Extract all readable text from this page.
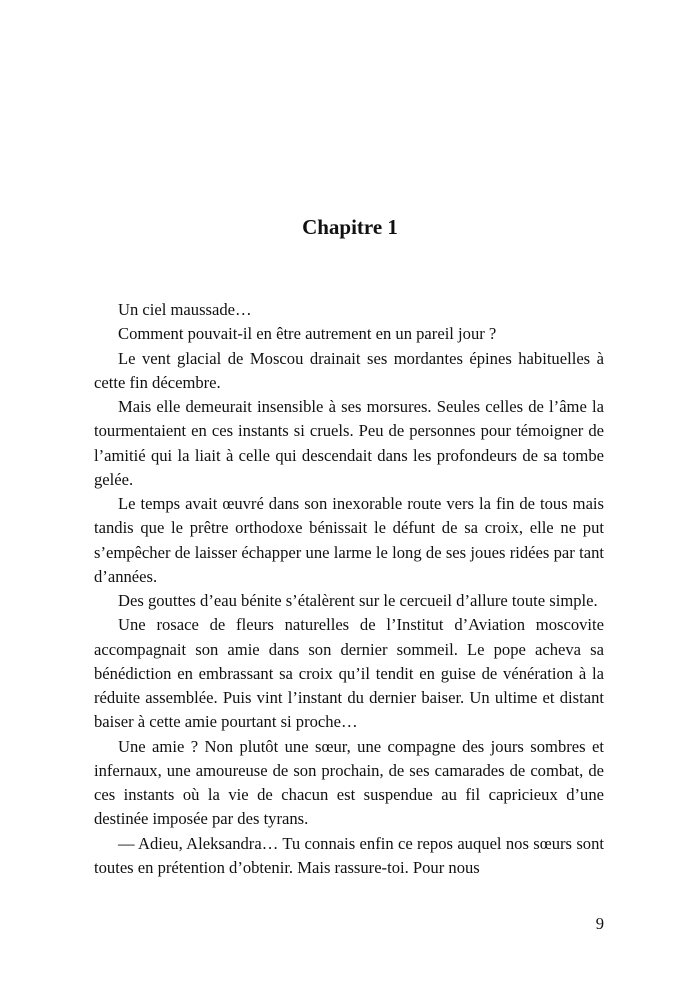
Chapitre 1

Un ciel maussade…

Comment pouvait-il en être autrement en un pareil jour ?

Le vent glacial de Moscou drainait ses mordantes épines habituelles à cette fin décembre.

Mais elle demeurait insensible à ses morsures. Seules celles de l’âme la tourmentaient en ces instants si cruels. Peu de personnes pour témoigner de l’amitié qui la liait à celle qui descendait dans les profondeurs de sa tombe gelée.

Le temps avait œuvré dans son inexorable route vers la fin de tous mais tandis que le prêtre orthodoxe bénissait le défunt de sa croix, elle ne put s’empêcher de laisser échapper une larme le long de ses joues ridées par tant d’années.

Des gouttes d’eau bénite s’étalèrent sur le cercueil d’allure toute simple.

Une rosace de fleurs naturelles de l’Institut d’Aviation moscovite accompagnait son amie dans son dernier sommeil. Le pope acheva sa bénédiction en embrassant sa croix qu’il tendit en guise de vénération à la réduite assemblée. Puis vint l’instant du dernier baiser. Un ultime et distant baiser à cette amie pourtant si proche…

Une amie ? Non plutôt une sœur, une compagne des jours sombres et infernaux, une amoureuse de son prochain, de ses camarades de combat, de ces instants où la vie de chacun est suspendue au fil capricieux d’une destinée imposée par des tyrans.

— Adieu, Aleksandra… Tu connais enfin ce repos auquel nos sœurs sont toutes en prétention d’obtenir. Mais rassure-toi. Pour nous

9
